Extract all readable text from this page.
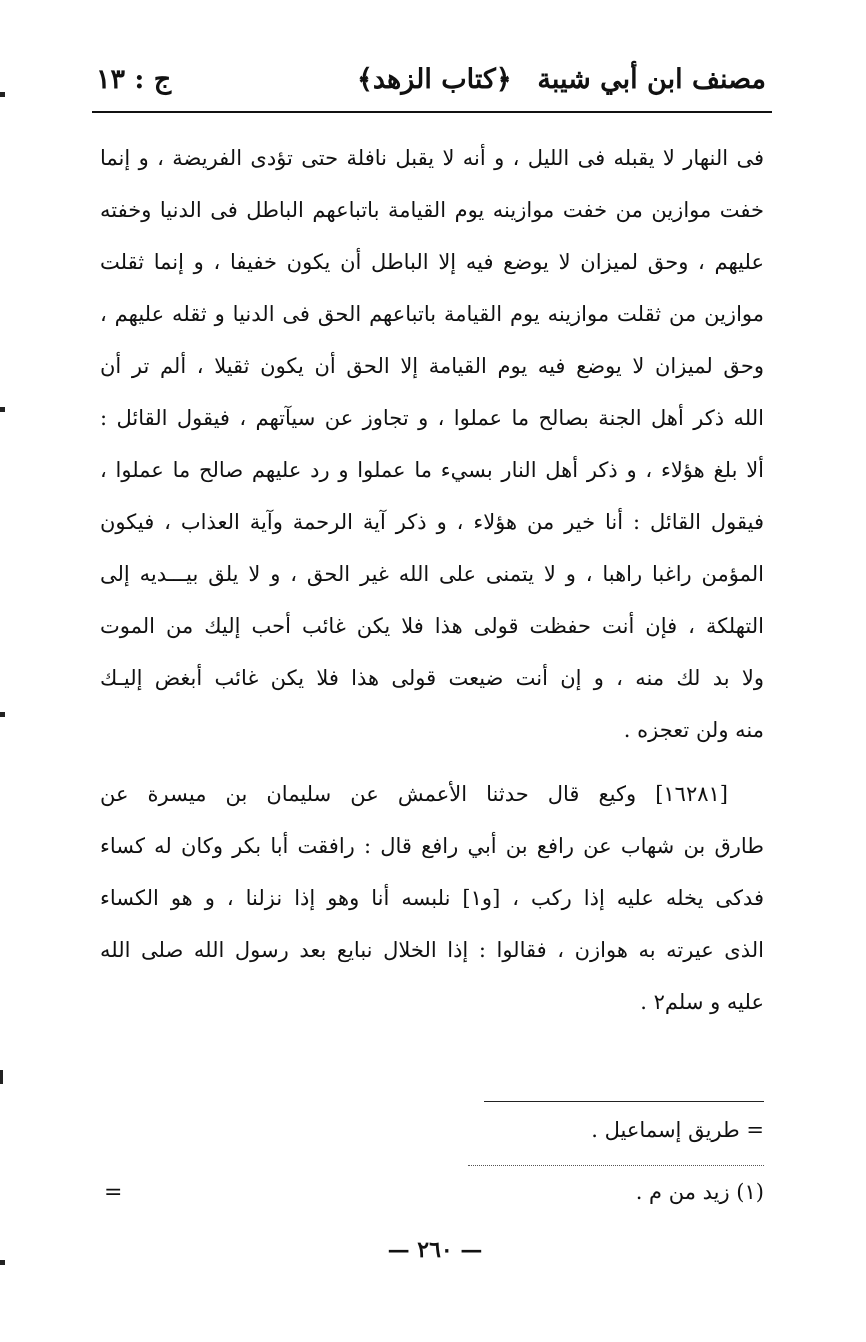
مصنف ابن أبي شيبة
﴿كتاب الزهد﴾
ج : ١٣
فى النهار لا يقبله فى الليل ، و أنه لا يقبل نافلة حتى تؤدى الفريضة ، و إنما
خفت موازين من خفت موازينه يوم القيامة باتباعهم الباطل فى الدنيا وخفته
عليهم ، وحق لميزان لا يوضع فيه إلا الباطل أن يكون خفيفا ، و إنما ثقلت
موازين من ثقلت موازينه يوم القيامة باتباعهم الحق فى الدنيا و ثقله عليهم ،
وحق لميزان لا يوضع فيه يوم القيامة إلا الحق أن يكون ثقيلا ، ألم تر أن
الله ذكر أهل الجنة بصالح ما عملوا ، و تجاوز عن سيآتهم ، فيقول القائل :
ألا بلغ هؤلاء ، و ذكر أهل النار بسيء ما عملوا و رد عليهم صالح ما عملوا ،
فيقول القائل : أنا خير من هؤلاء ، و ذكر آية الرحمة وآية العذاب ، فيكون
المؤمن راغبا راهبا ، و لا يتمنى على الله غير الحق ، و لا يلق بيـــديه إلى
التهلكة ، فإن أنت حفظت قولى هذا فلا يكن غائب أحب إليك من الموت
ولا بد لك منه ، و إن أنت ضيعت قولى هذا فلا يكن غائب أبغض إليـك
منه ولن تعجزه .
[١٦٢٨١] وكيع قال حدثنا الأعمش عن سليمان بن ميسرة عن
طارق بن شهاب عن رافع بن أبي رافع قال : رافقت أبا بكر وكان له كساء
فدكى يخله عليه إذا ركب ، [و١] نلبسه أنا وهو إذا نزلنا ، و هو الكساء
الذى عيرته به هوازن ، فقالوا : إذا الخلال نبايع بعد رسول الله صلى الله
عليه و سلم٢ .
= طريق إسماعيل .
(١) زيد من م .
=
— ٢٦٠ —
